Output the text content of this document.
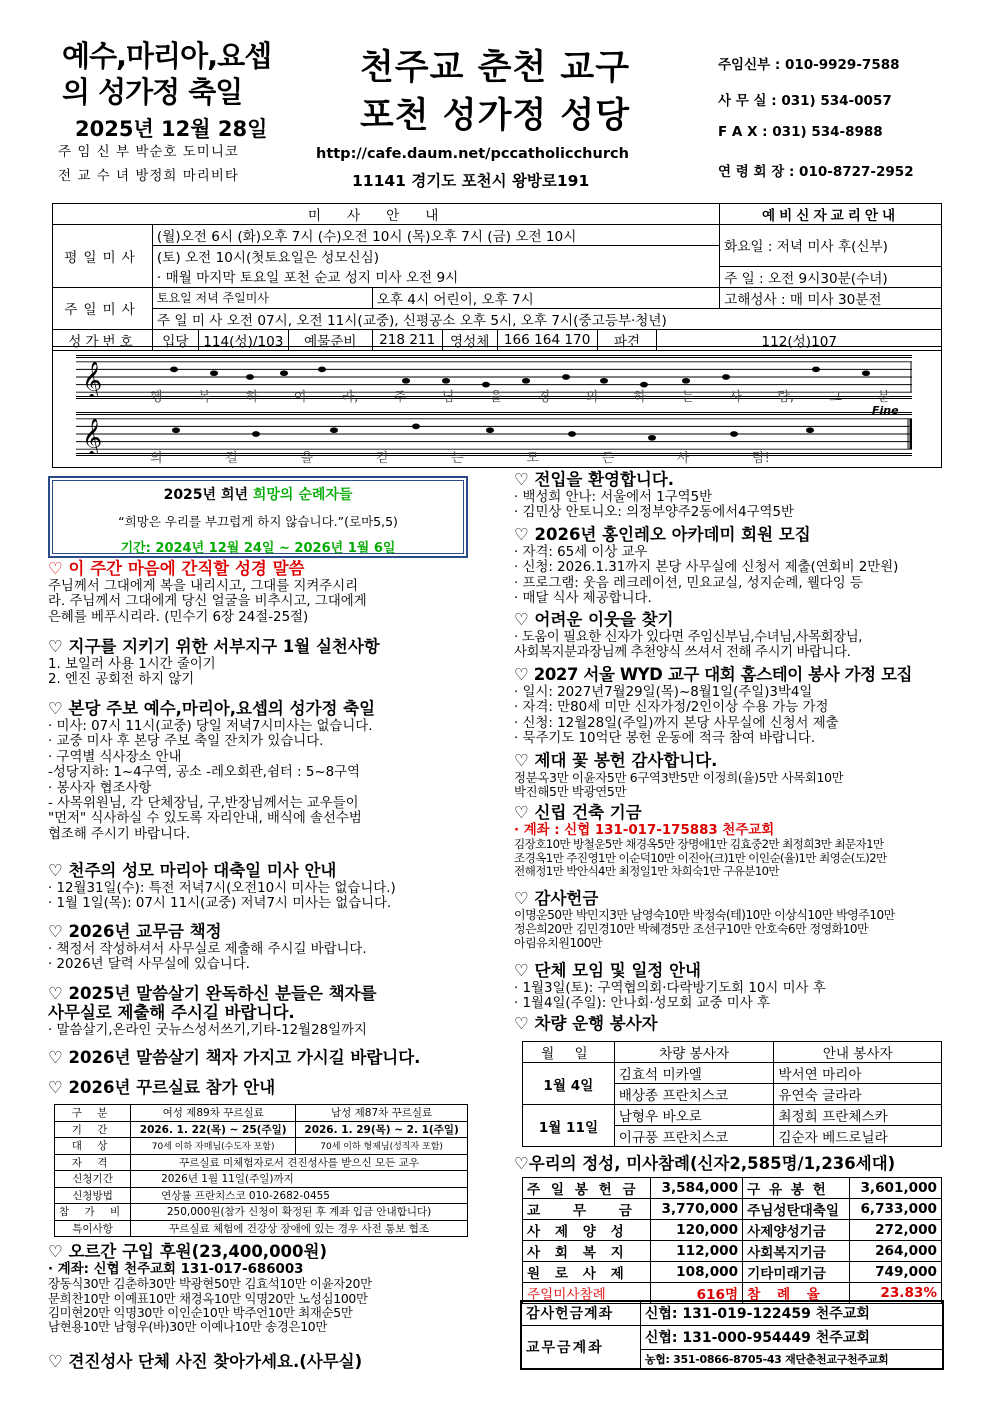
예수,마리아,요셉
의 성가정 축일
2025년 12월 28일
주 임 신 부 박순호 도미니코
전 교 수 녀 방정희 마리비타
천주교 춘천 교구
포천 성가정 성당
http://cafe.daum.net/pccatholicchurch
11141 경기도 포천시 왕방로191
주임신부 : 010-9929-7588
사 무 실 : 031) 534-0057
F A X : 031) 534-8988
연 령 회 장 : 010-8727-2952
미사안내									예비신자교리안내
평일미사	(월)오전 6시 (화)오후 7시 (수)오전 10시 (목)오후 7시 (금) 오전 10시								화요일 : 저녁 미사 후(신부)
	(토) 오전 10시(첫토요일은 성모신심)								
	· 매월 마지막 토요일 포천 순교 성지 미사 오전 9시								주 일 : 오전 9시30분(수녀)
주일미사	토요일 저녁 주일미사			오후 4시 어린이, 오후 7시					고해성사 : 매 미사 30분전
	주 일 미 사 오전 07시, 오전 11시(교중), 신평공소 오후 5시, 오후 7시(중고등부·청년)								
성가번호	입당	114(성)/103	예물준비	218 211	영성체	166 164 170	파견	112(성)107	
𝄞
𝄞
Fine
행	복	하	여	라,	주	님	을	경	외	하	는	사	람,	그	분
의	길	을	걷	는	모	든	사	람!
2025년 희년 희망의 순례자들
“희망은 우리를 부끄럽게 하지 않습니다.”(로마5,5)
기간: 2024년 12월 24일 ~ 2026년 1월 6일
♡ 이 주간 마음에 간직할 성경 말씀
주님께서 그대에게 복을 내리시고, 그대를 지켜주시리
라. 주님께서 그대에게 당신 얼굴을 비추시고, 그대에게
은혜를 베푸시리라. (민수기 6장 24절-25절)
♡ 지구를 지키기 위한 서부지구 1월 실천사항
1. 보일러 사용 1시간 줄이기
2. 엔진 공회전 하지 않기
♡ 본당 주보 예수,마리아,요셉의 성가정 축일
· 미사: 07시 11시(교중) 당일 저녁7시미사는 없습니다.
· 교중 미사 후 본당 주보 축일 잔치가 있습니다.
· 구역별 식사장소 안내
-성당지하: 1~4구역, 공소 -레오회관,쉼터 : 5~8구역
· 봉사자 협조사항
- 사목위원님, 각 단체장님, 구,반장님께서는 교우들이
"먼저" 식사하실 수 있도록 자리안내, 배식에 솔선수범
협조해 주시기 바랍니다.
♡ 천주의 성모 마리아 대축일 미사 안내
· 12월31일(수): 특전 저녁7시(오전10시 미사는 없습니다.)
· 1월 1일(목): 07시 11시(교중) 저녁7시 미사는 없습니다.
♡ 2026년 교무금 책정
· 책정서 작성하셔서 사무실로 제출해 주시길 바랍니다.
· 2026년 달력 사무실에 있습니다.
♡ 2025년 말씀살기 완독하신 분들은 책자를
사무실로 제출해 주시길 바랍니다.
· 말씀살기,온라인 굿뉴스성서쓰기,기타-12월28일까지
♡ 2026년 말씀살기 책자 가지고 가시길 바랍니다.
♡ 2026년 꾸르실료 참가 안내
구 분	여성 제89차 꾸르실료	남성 제87차 꾸르실료
기 간	2026. 1. 22(목) ~ 25(주일)	2026. 1. 29(목) ~ 2. 1(주일)
대 상	70세 이하 자매님(수도자 포함)	70세 이하 형제님(성직자 포함)
자 격	꾸르실료 미체험자로서 견진성사를 받으신 모든 교우	
신청기간	2026년 1월 11일(주일)까지	
신청방법	연상률 프란치스코 010-2682-0455	
참 가 비	250,000원(참가 신청이 확정된 후 계좌 입금 안내합니다)	
특이사항	꾸르실료 체험에 건강상 장애에 있는 경우 사전 통보 협조	
♡ 오르간 구입 후원(23,400,000원)
· 계좌: 신협 천주교회 131-017-686003
장동식30만 김춘하30만 박광현50만 김효석10만 이윤자20만
문희찬10만 이예표10만 채경옥10만 익명20만 노성심100만
김미현20만 익명30만 이인순10만 박주언10만 최재순5만
남현용10만 남형우(바)30만 이예나10만 송경은10만
♡ 견진성사 단체 사진 찾아가세요.(사무실)
♡ 전입을 환영합니다.
· 백성희 안나: 서울에서 1구역5반
· 김민상 안토니오: 의정부양주2동에서4구역5반
♡ 2026년 홍인레오 아카데미 회원 모집
· 자격: 65세 이상 교우
· 신청: 2026.1.31까지 본당 사무실에 신청서 제출(연회비 2만원)
· 프로그램: 웃음 레크레이션, 민요교실, 성지순례, 웰다잉 등
· 매달 식사 제공합니다.
♡ 어려운 이웃을 찾기
· 도움이 필요한 신자가 있다면 주임신부님,수녀님,사목회장님,
사회복지분과장님께 추천양식 쓰셔서 전해 주시기 바랍니다.
♡ 2027 서울 WYD 교구 대회 홈스테이 봉사 가정 모집
· 일시: 2027년7월29일(목)~8월1일(주일)3박4일
· 자격: 만80세 미만 신자가정/2인이상 수용 가능 가정
· 신청: 12월28일(주일)까지 본당 사무실에 신청서 제출
· 묵주기도 10억단 봉헌 운동에 적극 참여 바랍니다.
♡ 제대 꽃 봉헌 감사합니다.
정분옥3만 이윤자5만 6구역3반5만 이정희(율)5만 사목회10만
박진해5만 박광연5만
♡ 신립 건축 기금
· 계좌 : 신협 131-017-175883 천주교회
김장호10만 방철운5만 채경옥5만 장명애1만 김효중2만 최정희3만 최문자1만
조경옥1만 주진영1만 이순덕10만 이진아(크)1만 이인순(율)1만 최영순(도)2만
전해정1만 박안식4만 최정일1만 차희숙1만 구유분10만
♡ 감사헌금
이명운50만 박민지3만 남영숙10만 박정숙(테)10만 이상식10만 박영주10만
정은희20만 김민경10만 박혜경5만 조선구10만 안호숙6만 정영화10만
아림유치원100만
♡ 단체 모임 및 일정 안내
· 1월3일(토): 구역협의회·다락방기도회 10시 미사 후
· 1월4일(주일): 안나회·성모회 교중 미사 후
♡ 차량 운행 봉사자
월 일	차량 봉사자	안내 봉사자
1월 4일	김효석 미카엘	박서연 마리아
	배상종 프란치스코	유연숙 글라라
1월 11일	남형우 바오로	최정희 프란체스카
	이규풍 프란치스코	김순자 베드로닐라
♡우리의 정성, 미사참례(신자2,585명/1,236세대)
주 일 봉 헌 금	3,584,000	구 유 봉 헌	3,601,000
교 무 금	3,770,000	주님성탄대축일	6,733,000
사 제 양 성	120,000	사제양성기금	272,000
사 회 복 지	112,000	사회복지기금	264,000
원 로 사 제	108,000	기타미래기금	749,000
주일미사참례	616명	참 례 율	23.83%
감사헌금계좌	신협: 131-019-122459 천주교회
교무금계좌	신협: 131-000-954449 천주교회
	농협: 351-0866-8705-43 재단춘천교구천주교회
